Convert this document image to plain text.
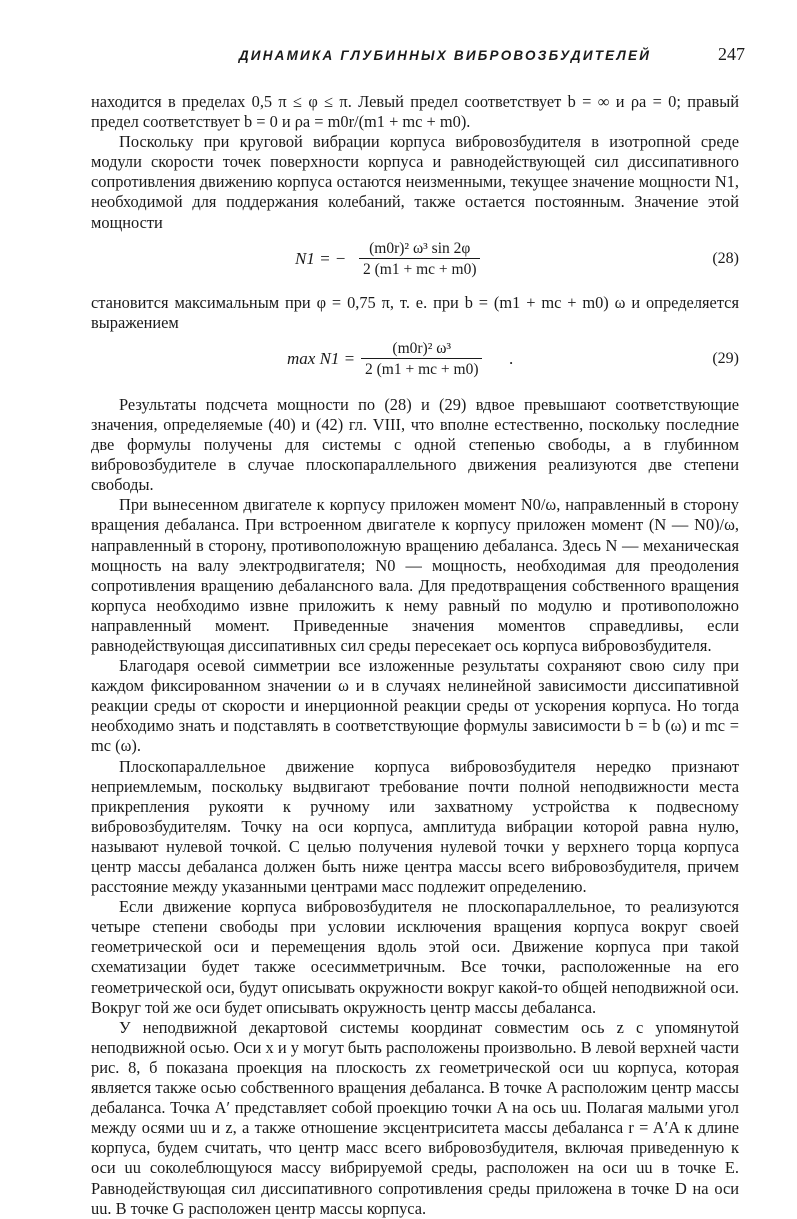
ДИНАМИКА ГЛУБИННЫХ ВИБРОВОЗБУДИТЕЛЕЙ	247

находится в пределах 0,5 π ≤ φ ≤ π. Левый предел соответствует b = ∞ и ρa = 0; правый предел соответствует b = 0 и ρa = m0r/(m1 + mc + m0).

Поскольку при круговой вибрации корпуса вибровозбудителя в изотропной среде модули скорости точек поверхности корпуса и равнодействующей сил диссипативного сопротивления движению корпуса остаются неизменными, текущее значение мощности N1, необходимой для поддержания колебаний, также остается постоянным. Значение этой мощности

N1 = − $\frac{\text{(m0r)² ω³ sin 2φ}}{2 (m1 + mc + m0)}$	(28)

становится максимальным при φ = 0,75 π, т. е. при b = (m1 + mc + m0) ω и определяется выражением

$\max N1 = \frac{\text{(m0r)² ω³}}{2 (m1 + mc + m0)}$ .	(29)

Результаты подсчета мощности по (28) и (29) вдвое превышают соответствующие значения, определяемые (40) и (42) гл. VIII, что вполне естественно, поскольку последние две формулы получены для системы с одной степенью свободы, а в глубинном вибровозбудителе в случае плоскопараллельного движения реализуются две степени свободы.

При вынесенном двигателе к корпусу приложен момент N0/ω, направленный в сторону вращения дебаланса. При встроенном двигателе к корпусу приложен момент (N — N0)/ω, направленный в сторону, противоположную вращению дебаланса. Здесь N — механическая мощность на валу электродвигателя; N0 — мощность, необходимая для преодоления сопротивления вращению дебалансного вала. Для предотвращения собственного вращения корпуса необходимо извне приложить к нему равный по модулю и противоположно направленный момент. Приведенные значения моментов справедливы, если равнодействующая диссипативных сил среды пересекает ось корпуса вибровозбудителя.

Благодаря осевой симметрии все изложенные результаты сохраняют свою силу при каждом фиксированном значении ω и в случаях нелинейной зависимости диссипативной реакции среды от скорости и инерционной реакции среды от ускорения корпуса. Но тогда необходимо знать и подставлять в соответствующие формулы зависимости b = b (ω) и mc = mc (ω).

Плоскопараллельное движение корпуса вибровозбудителя нередко признают неприемлемым, поскольку выдвигают требование почти полной неподвижности места прикрепления рукояти к ручному или захватному устройства к подвесному вибровозбудителям. Точку на оси корпуса, амплитуда вибрации которой равна нулю, называют нулевой точкой. С целью получения нулевой точки у верхнего торца корпуса центр массы дебаланса должен быть ниже центра массы всего вибровозбудителя, причем расстояние между указанными центрами масс подлежит определению.

Если движение корпуса вибровозбудителя не плоскопараллельное, то реализуются четыре степени свободы при условии исключения вращения корпуса вокруг своей геометрической оси и перемещения вдоль этой оси. Движение корпуса при такой схематизации будет также осесимметричным. Все точки, расположенные на его геометрической оси, будут описывать окружности вокруг какой-то общей неподвижной оси. Вокруг той же оси будет описывать окружность центр массы дебаланса.

У неподвижной декартовой системы координат совместим ось z с упомянутой неподвижной осью. Оси x и y могут быть расположены произвольно. В левой верхней части рис. 8, б показана проекция на плоскость zx геометрической оси uu корпуса, которая является также осью собственного вращения дебаланса. В точке A расположим центр массы дебаланса. Точка A′ представляет собой проекцию точки A на ось uu. Полагая малыми угол между осями uu и z, а также отношение эксцентриситета массы дебаланса r = A′A к длине корпуса, будем считать, что центр масс всего вибровозбудителя, включая приведенную к оси uu соколеблющуюся массу вибрируемой среды, расположен на оси uu в точке E. Равнодействующая сил диссипативного сопротивления среды приложена в точке D на оси uu. В точке G расположен центр массы корпуса.
